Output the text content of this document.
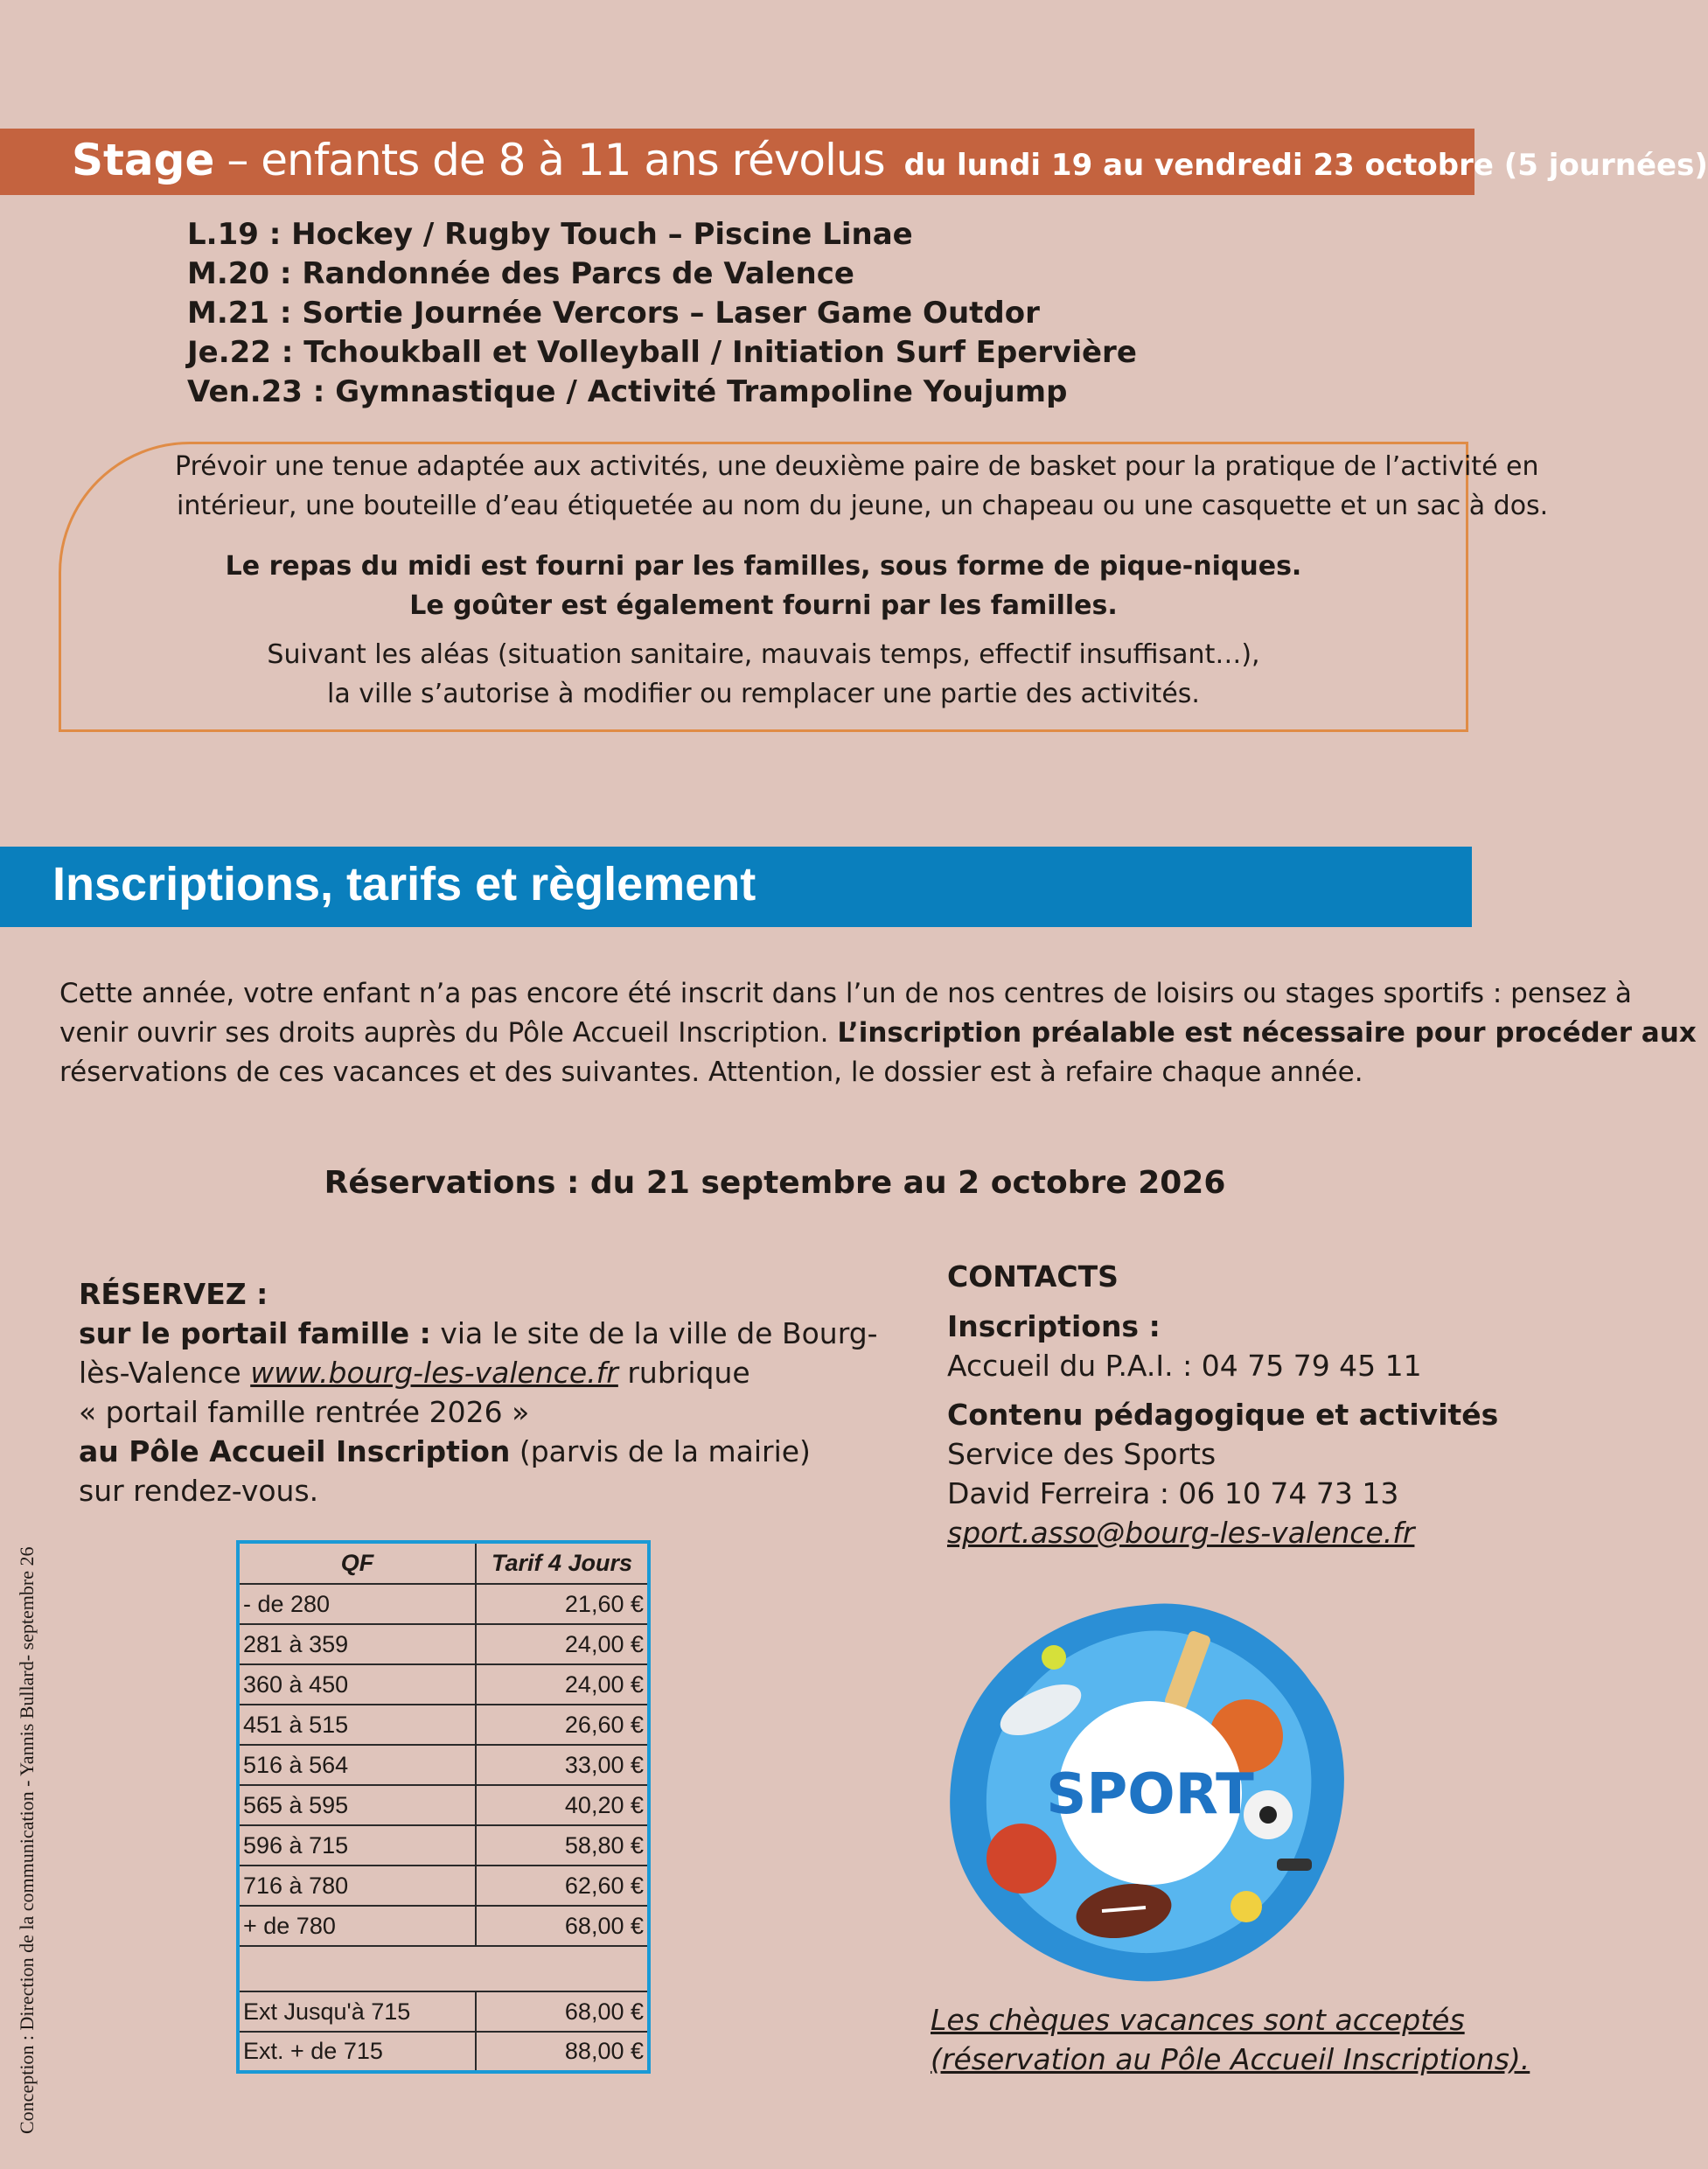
Stage – enfants de 8 à 11 ans révolus du lundi 19 au vendredi 23 octobre (5 journées)
L.19 : Hockey / Rugby Touch – Piscine Linae
M.20 : Randonnée des Parcs de Valence
M.21 : Sortie Journée Vercors – Laser Game Outdor
Je.22 : Tchoukball et Volleyball / Initiation Surf Epervière
Ven.23 : Gymnastique / Activité Trampoline Youjump
Prévoir une tenue adaptée aux activités, une deuxième paire de basket pour la pratique de l’activité en
intérieur, une bouteille d’eau étiquetée au nom du jeune, un chapeau ou une casquette et un sac à dos.
Le repas du midi est fourni par les familles, sous forme de pique-niques.
Le goûter est également fourni par les familles.
Suivant les aléas (situation sanitaire, mauvais temps, effectif insuffisant…),
la ville s’autorise à modifier ou remplacer une partie des activités.
Inscriptions, tarifs et règlement
Cette année, votre enfant n’a pas encore été inscrit dans l’un de nos centres de loisirs ou stages sportifs : pensez à
venir ouvrir ses droits auprès du Pôle Accueil Inscription. L’inscription préalable est nécessaire pour procéder aux
réservations de ces vacances et des suivantes. Attention, le dossier est à refaire chaque année.
Réservations : du 21 septembre au 2 octobre 2026
RÉSERVEZ :
sur le portail famille : via le site de la ville de Bourg-
lès-Valence www.bourg-les-valence.fr rubrique
« portail famille rentrée 2026 »
au Pôle Accueil Inscription (parvis de la mairie)
sur rendez-vous.
QF	Tarif 4 Jours
- de 280	21,60 €
281 à 359	24,00 €
360 à 450	24,00 €
451 à 515	26,60 €
516 à 564	33,00 €
565 à 595	40,20 €
596 à 715	58,80 €
716 à 780	62,60 €
+ de 780	68,00 €

Ext Jusqu'à 715	68,00 €
Ext. + de 715	88,00 €
CONTACTS
Inscriptions :
Accueil du P.A.I. : 04 75 79 45 11
Contenu pédagogique et activités
Service des Sports
David Ferreira : 06 10 74 73 13
sport.asso@bourg-les-valence.fr
SPORT
Les chèques vacances sont acceptés
(réservation au Pôle Accueil Inscriptions).
Conception : Direction de la communication - Yannis Bullard- septembre 26
